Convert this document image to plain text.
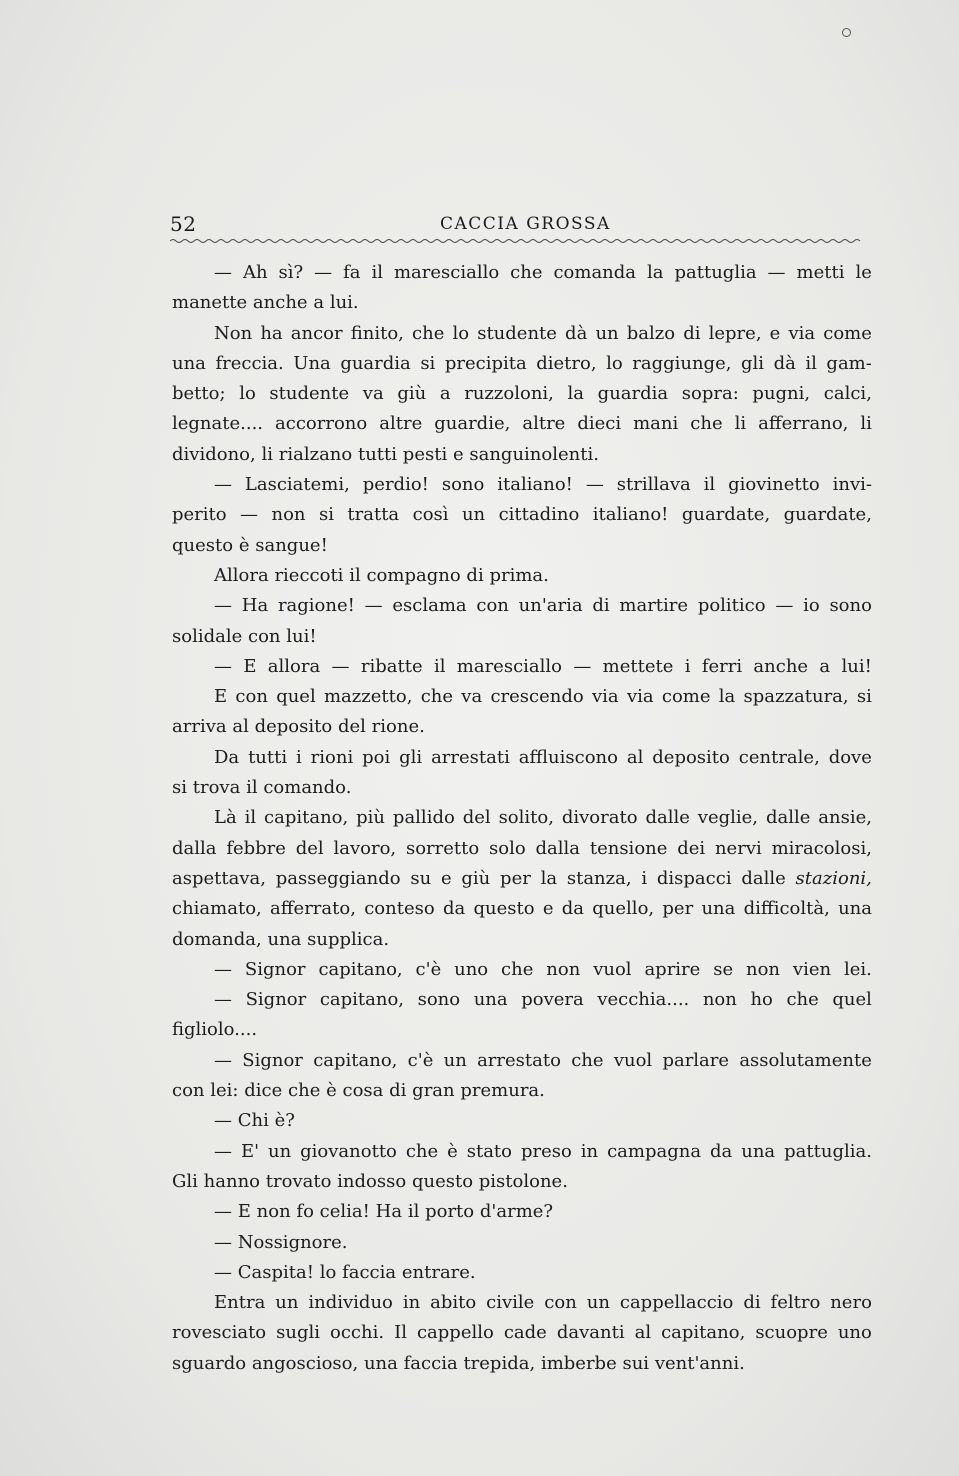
52	CACCIA GROSSA
— Ah sì? — fa il maresciallo che comanda la pattuglia — metti le
manette anche a lui.
Non ha ancor finito, che lo studente dà un balzo di lepre, e via come
una freccia. Una guardia si precipita dietro, lo raggiunge, gli dà il gam-
betto; lo studente va giù a ruzzoloni, la guardia sopra: pugni, calci,
legnate.... accorrono altre guardie, altre dieci mani che li afferrano, li
dividono, li rialzano tutti pesti e sanguinolenti.
— Lasciatemi, perdio! sono italiano! — strillava il giovinetto invi-
perito — non si tratta così un cittadino italiano! guardate, guardate,
questo è sangue!
Allora rieccoti il compagno di prima.
— Ha ragione! — esclama con un'aria di martire politico — io sono
solidale con lui!
— E allora — ribatte il maresciallo — mettete i ferri anche a lui!
E con quel mazzetto, che va crescendo via via come la spazzatura, si
arriva al deposito del rione.
Da tutti i rioni poi gli arrestati affluiscono al deposito centrale, dove
si trova il comando.
Là il capitano, più pallido del solito, divorato dalle veglie, dalle ansie,
dalla febbre del lavoro, sorretto solo dalla tensione dei nervi miracolosi,
aspettava, passeggiando su e giù per la stanza, i dispacci dalle stazioni,
chiamato, afferrato, conteso da questo e da quello, per una difficoltà, una
domanda, una supplica.
— Signor capitano, c'è uno che non vuol aprire se non vien lei.
— Signor capitano, sono una povera vecchia.... non ho che quel
figliolo....
— Signor capitano, c'è un arrestato che vuol parlare assolutamente
con lei: dice che è cosa di gran premura.
— Chi è?
— E' un giovanotto che è stato preso in campagna da una pattuglia.
Gli hanno trovato indosso questo pistolone.
— E non fo celia! Ha il porto d'arme?
— Nossignore.
— Caspita! lo faccia entrare.
Entra un individuo in abito civile con un cappellaccio di feltro nero
rovesciato sugli occhi. Il cappello cade davanti al capitano, scuopre uno
sguardo angoscioso, una faccia trepida, imberbe sui vent'anni.
